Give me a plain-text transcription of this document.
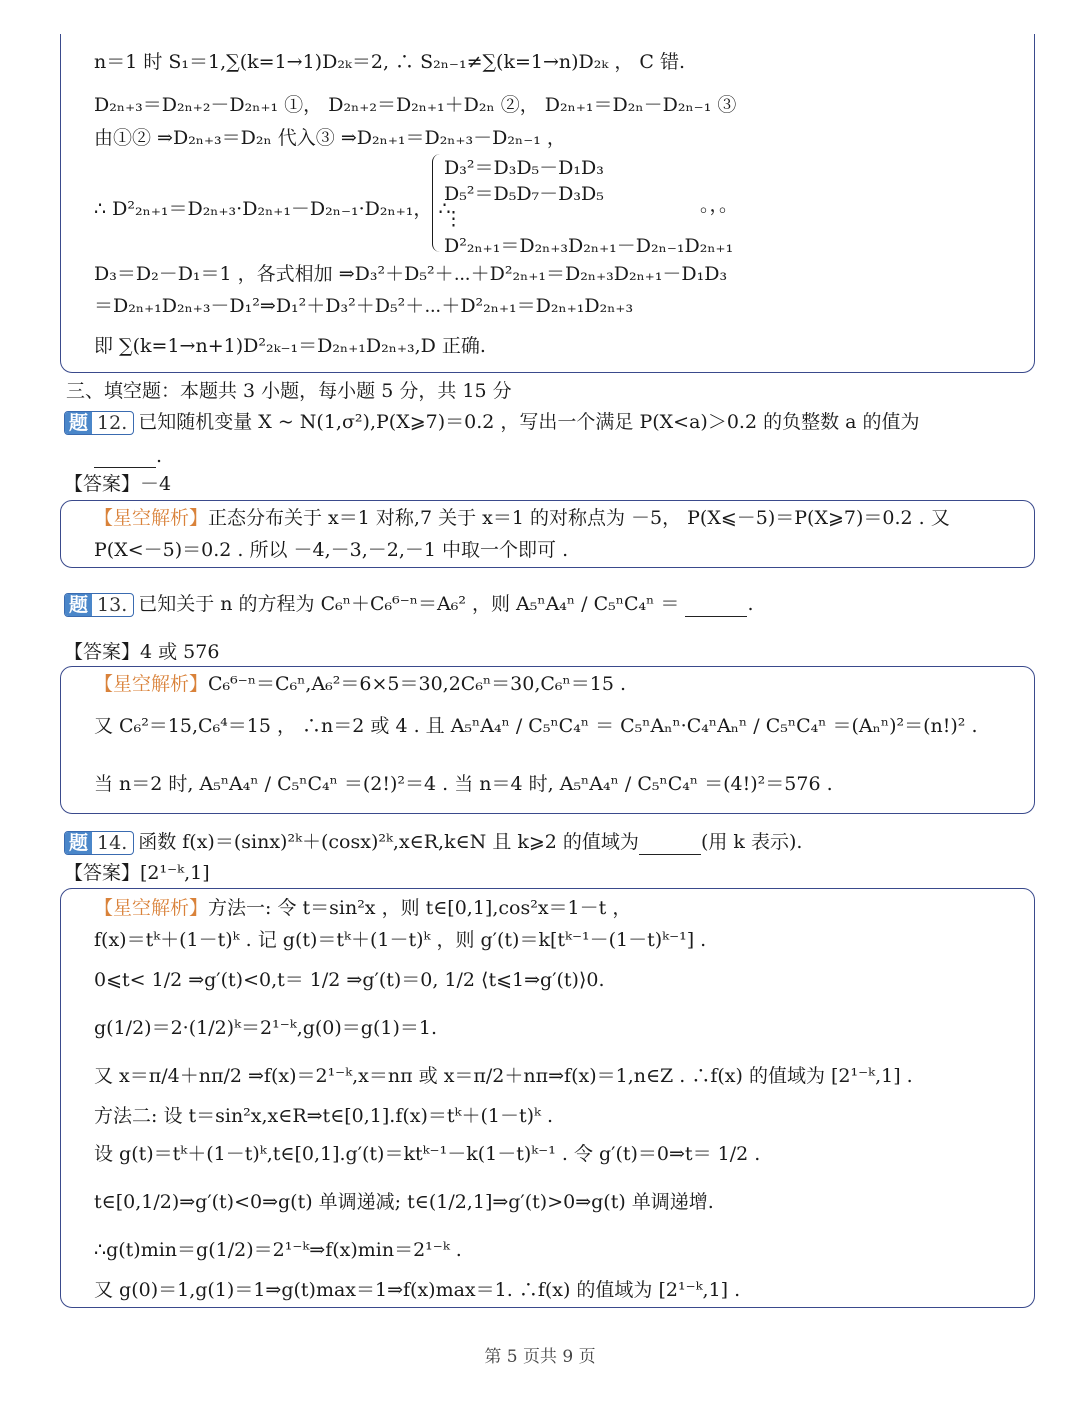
n＝1 时 S₁＝1,∑(k=1→1)D₂ₖ＝2, ∴ S₂ₙ₋₁≠∑(k=1→n)D₂ₖ ， C 错.
D₂ₙ₊₃＝D₂ₙ₊₂－D₂ₙ₊₁ ①， D₂ₙ₊₂＝D₂ₙ₊₁＋D₂ₙ ②， D₂ₙ₊₁＝D₂ₙ－D₂ₙ₋₁ ③
由①② ⇒D₂ₙ₊₃＝D₂ₙ 代入③ ⇒D₂ₙ₊₁＝D₂ₙ₊₃－D₂ₙ₋₁ ，
D₃²＝D₃D₅－D₁D₃
D₅²＝D₅D₇－D₃D₅
∴ D²₂ₙ₊₁＝D₂ₙ₊₃·D₂ₙ₊₁－D₂ₙ₋₁·D₂ₙ₊₁， ∴	。，。
⋮
D²₂ₙ₊₁＝D₂ₙ₊₃D₂ₙ₊₁－D₂ₙ₋₁D₂ₙ₊₁
D₃＝D₂－D₁＝1 ，各式相加 ⇒D₃²＋D₅²＋⋯＋D²₂ₙ₊₁＝D₂ₙ₊₃D₂ₙ₊₁－D₁D₃
＝D₂ₙ₊₁D₂ₙ₊₃－D₁²⇒D₁²＋D₃²＋D₅²＋⋯＋D²₂ₙ₊₁＝D₂ₙ₊₁D₂ₙ₊₃
即 ∑(k=1→n+1)D²₂ₖ₋₁＝D₂ₙ₊₁D₂ₙ₊₃,D 正确.
三、填空题：本题共 3 小题，每小题 5 分，共 15 分
题 12. 已知随机变量 X ~ N(1,σ²),P(X⩾7)＝0.2 ，写出一个满足 P(X<a)＞0.2 的负整数 a 的值为
.
【答案】－4
【星空解析】正态分布关于 x＝1 对称,7 关于 x＝1 的对称点为 －5， P(X⩽－5)＝P(X⩾7)＝0.2 . 又
P(X<－5)＝0.2 . 所以 －4,－3,－2,－1 中取一个即可 .
题 13. 已知关于 n 的方程为 C₆ⁿ＋C₆⁶⁻ⁿ＝A₆² ，则 A₅ⁿA₄ⁿ / C₅ⁿC₄ⁿ ＝	.
【答案】4 或 576
【星空解析】C₆⁶⁻ⁿ＝C₆ⁿ,A₆²＝6×5＝30,2C₆ⁿ＝30,C₆ⁿ＝15 .
又 C₆²＝15,C₆⁴＝15 ， ∴n＝2 或 4 . 且 A₅ⁿA₄ⁿ / C₅ⁿC₄ⁿ ＝ C₅ⁿAₙⁿ·C₄ⁿAₙⁿ / C₅ⁿC₄ⁿ ＝(Aₙⁿ)²＝(n!)² .
当 n＝2 时, A₅ⁿA₄ⁿ / C₅ⁿC₄ⁿ ＝(2!)²＝4 . 当 n＝4 时, A₅ⁿA₄ⁿ / C₅ⁿC₄ⁿ ＝(4!)²＝576 .
题 14. 函数 f(x)＝(sinx)²ᵏ＋(cosx)²ᵏ,x∈R,k∈N 且 k⩾2 的值域为	(用 k 表示).
【答案】[2¹⁻ᵏ,1]
【星空解析】方法一: 令 t＝sin²x ，则 t∈[0,1],cos²x＝1－t ，
f(x)＝tᵏ＋(1－t)ᵏ . 记 g(t)＝tᵏ＋(1－t)ᵏ ，则 g′(t)＝k[tᵏ⁻¹－(1－t)ᵏ⁻¹] .
0⩽t< 1/2 ⇒g′(t)<0,t＝ 1/2 ⇒g′(t)＝0, 1/2 ⟨t⩽1⇒g′(t)⟩0.
g(1/2)＝2·(1/2)ᵏ＝2¹⁻ᵏ,g(0)＝g(1)＝1.
又 x＝π/4＋nπ/2 ⇒f(x)＝2¹⁻ᵏ,x＝nπ 或 x＝π/2＋nπ⇒f(x)＝1,n∈Z . ∴f(x) 的值域为 [2¹⁻ᵏ,1] .
方法二: 设 t＝sin²x,x∈R⇒t∈[0,1].f(x)＝tᵏ＋(1－t)ᵏ .
设 g(t)＝tᵏ＋(1－t)ᵏ,t∈[0,1].g′(t)＝ktᵏ⁻¹－k(1－t)ᵏ⁻¹ . 令 g′(t)＝0⇒t＝ 1/2 .
t∈[0,1/2)⇒g′(t)<0⇒g(t) 单调递减; t∈(1/2,1]⇒g′(t)>0⇒g(t) 单调递增.
∴g(t)min＝g(1/2)＝2¹⁻ᵏ⇒f(x)min＝2¹⁻ᵏ .
又 g(0)＝1,g(1)＝1⇒g(t)max＝1⇒f(x)max＝1. ∴f(x) 的值域为 [2¹⁻ᵏ,1] .
第 5 页共 9 页
